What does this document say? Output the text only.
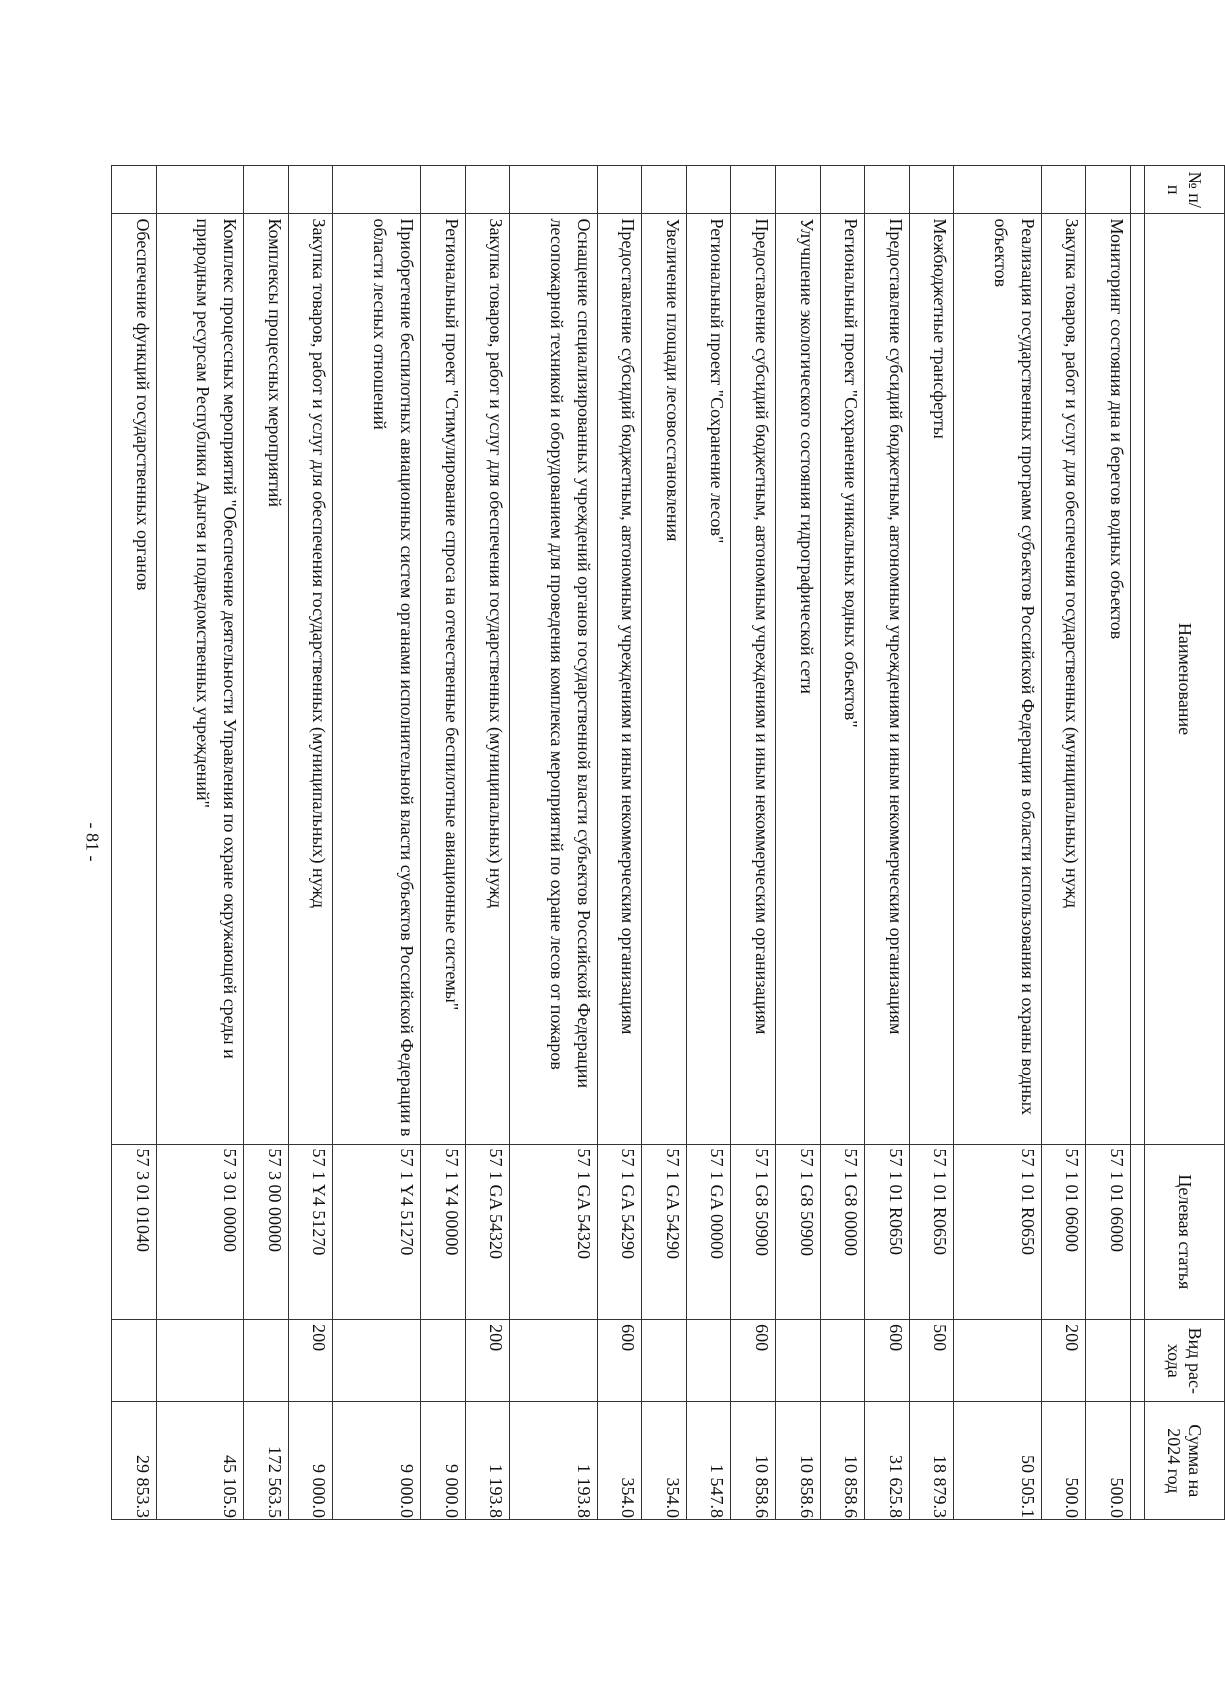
- 81 -
№ п/п	Наименование	Целевая статья	Вид рас-хода	Сумма на 2024 год

	Мониторинг состояния дна и берегов водных объектов	57 1 01 06000		500.0
	Закупка товаров, работ и услуг для обеспечения государственных (муниципальных) нужд	57 1 01 06000	200	500.0
	Реализация государственных программ субъектов Российской Федерации в области использования и охраны водных объектов	57 1 01 R0650		50 505.1
	Межбюджетные трансферты	57 1 01 R0650	500	18 879.3
	Предоставление субсидий бюджетным, автономным учреждениям и иным некоммерческим организациям	57 1 01 R0650	600	31 625.8
	Региональный проект "Сохранение уникальных водных объектов"	57 1 G8 00000		10 858.6
	Улучшение экологического состояния гидрографической сети	57 1 G8 50900		10 858.6
	Предоставление субсидий бюджетным, автономным учреждениям и иным некоммерческим организациям	57 1 G8 50900	600	10 858.6
	Региональный проект "Сохранение лесов"	57 1 GA 00000		1 547.8
	Увеличение площади лесовосстановления	57 1 GA 54290		354.0
	Предоставление субсидий бюджетным, автономным учреждениям и иным некоммерческим организациям	57 1 GA 54290	600	354.0
	Оснащение специализированных учреждений органов государственной власти субъектов Российской Федерации лесопожарной техникой и оборудованием для проведения комплекса мероприятий по охране лесов от пожаров	57 1 GA 54320		1 193.8
	Закупка товаров, работ и услуг для обеспечения государственных (муниципальных) нужд	57 1 GA 54320	200	1 193.8
	Региональный проект "Стимулирование спроса на отечественные беспилотные авиационные системы"	57 1 Y4 00000		9 000.0
	Приобретение беспилотных авиационных систем органами исполнительной власти субъектов Российской Федерации в области лесных отношений	57 1 Y4 51270		9 000.0
	Закупка товаров, работ и услуг для обеспечения государственных (муниципальных) нужд	57 1 Y4 51270	200	9 000.0
	Комплексы процессных мероприятий	57 3 00 00000		172 563.5
	Комплекс процессных мероприятий "Обеспечение деятельности Управления по охране окружающей среды и природным ресурсам Республики Адыгея и подведомственных учреждений"	57 3 01 00000		45 105.9
	Обеспечение функций государственных органов	57 3 01 01040		29 853.3
